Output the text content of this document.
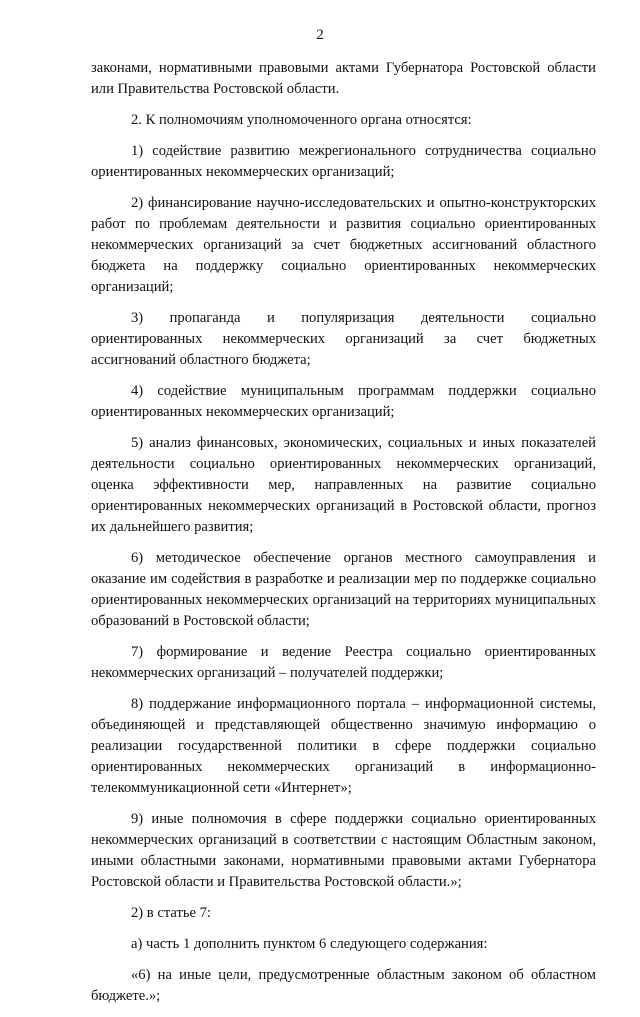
2

законами, нормативными правовыми актами Губернатора Ростовской области или Правительства Ростовской области.

2. К полномочиям уполномоченного органа относятся:

1) содействие развитию межрегионального сотрудничества социально ориентированных некоммерческих организаций;

2) финансирование научно-исследовательских и опытно-конструкторских работ по проблемам деятельности и развития социально ориентированных некоммерческих организаций за счет бюджетных ассигнований областного бюджета на поддержку социально ориентированных некоммерческих организаций;

3) пропаганда и популяризация деятельности социально ориентированных некоммерческих организаций за счет бюджетных ассигнований областного бюджета;

4) содействие муниципальным программам поддержки социально ориентированных некоммерческих организаций;

5) анализ финансовых, экономических, социальных и иных показателей деятельности социально ориентированных некоммерческих организаций, оценка эффективности мер, направленных на развитие социально ориентированных некоммерческих организаций в Ростовской области, прогноз их дальнейшего развития;

6) методическое обеспечение органов местного самоуправления и оказание им содействия в разработке и реализации мер по поддержке социально ориентированных некоммерческих организаций на территориях муниципальных образований в Ростовской области;

7) формирование и ведение Реестра социально ориентированных некоммерческих организаций – получателей поддержки;

8) поддержание информационного портала – информационной системы, объединяющей и представляющей общественно значимую информацию о реализации государственной политики в сфере поддержки социально ориентированных некоммерческих организаций в информационно-телекоммуникационной сети «Интернет»;

9) иные полномочия в сфере поддержки социально ориентированных некоммерческих организаций в соответствии с настоящим Областным законом, иными областными законами, нормативными правовыми актами Губернатора Ростовской области и Правительства Ростовской области.»;

2) в статье 7:

а) часть 1 дополнить пунктом 6 следующего содержания:

«6) на иные цели, предусмотренные областным законом об областном бюджете.»;
